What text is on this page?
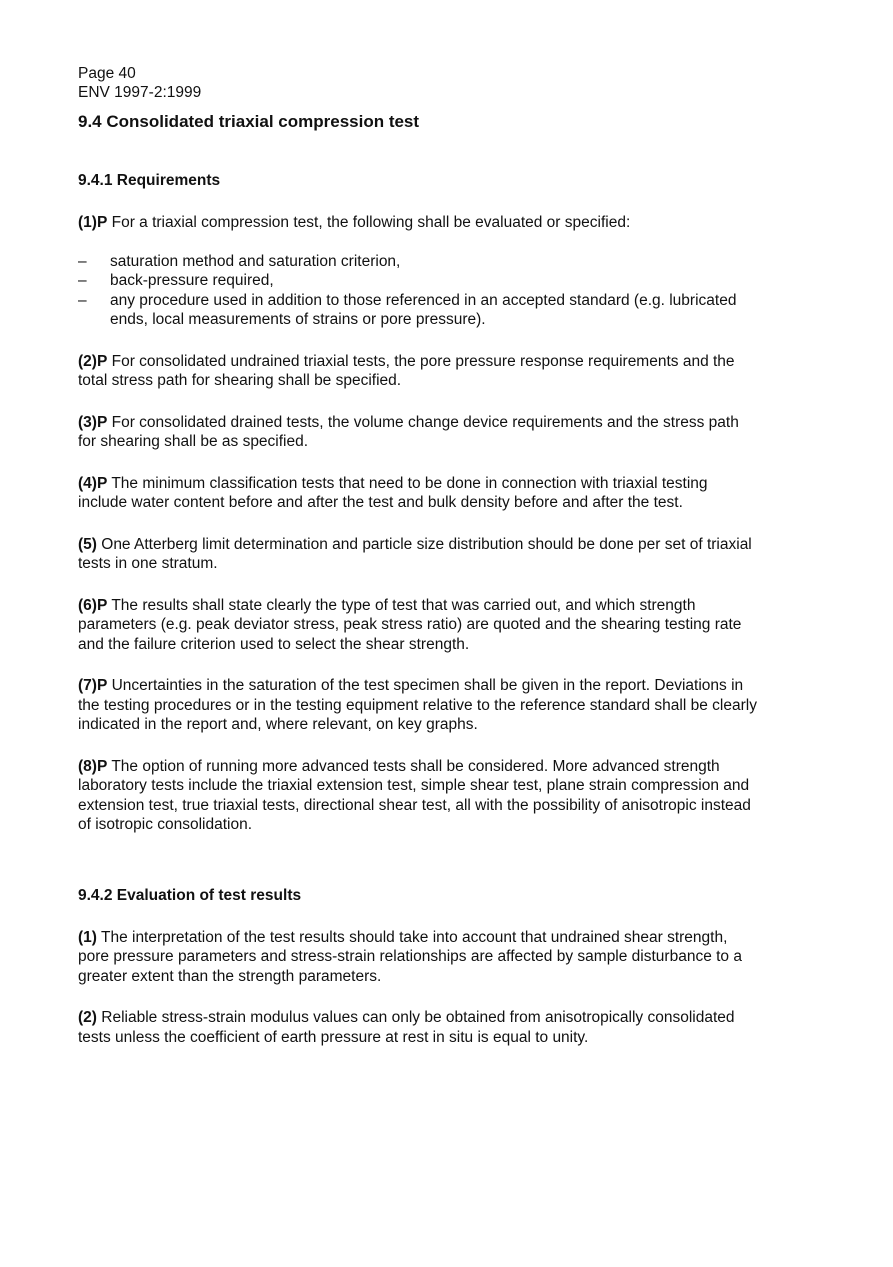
Page 40
ENV 1997-2:1999
9.4 Consolidated triaxial compression test
9.4.1 Requirements
(1)P For a triaxial compression test, the following shall be evaluated or specified:
– saturation method and saturation criterion,
– back-pressure required,
– any procedure used in addition to those referenced in an accepted standard (e.g. lubricated ends, local measurements of strains or pore pressure).
(2)P For consolidated undrained triaxial tests, the pore pressure response requirements and the total stress path for shearing shall be specified.
(3)P For consolidated drained tests, the volume change device requirements and the stress path for shearing shall be as specified.
(4)P The minimum classification tests that need to be done in connection with triaxial testing include water content before and after the test and bulk density before and after the test.
(5) One Atterberg limit determination and particle size distribution should be done per set of triaxial tests in one stratum.
(6)P The results shall state clearly the type of test that was carried out, and which strength parameters (e.g. peak deviator stress, peak stress ratio) are quoted and the shearing testing rate and the failure criterion used to select the shear strength.
(7)P Uncertainties in the saturation of the test specimen shall be given in the report. Deviations in the testing procedures or in the testing equipment relative to the reference standard shall be clearly indicated in the report and, where relevant, on key graphs.
(8)P The option of running more advanced tests shall be considered. More advanced strength laboratory tests include the triaxial extension test, simple shear test, plane strain compression and extension test, true triaxial tests, directional shear test, all with the possibility of anisotropic instead of isotropic consolidation.
9.4.2 Evaluation of test results
(1) The interpretation of the test results should take into account that undrained shear strength, pore pressure parameters and stress-strain relationships are affected by sample disturbance to a greater extent than the strength parameters.
(2) Reliable stress-strain modulus values can only be obtained from anisotropically consolidated tests unless the coefficient of earth pressure at rest in situ is equal to unity.
